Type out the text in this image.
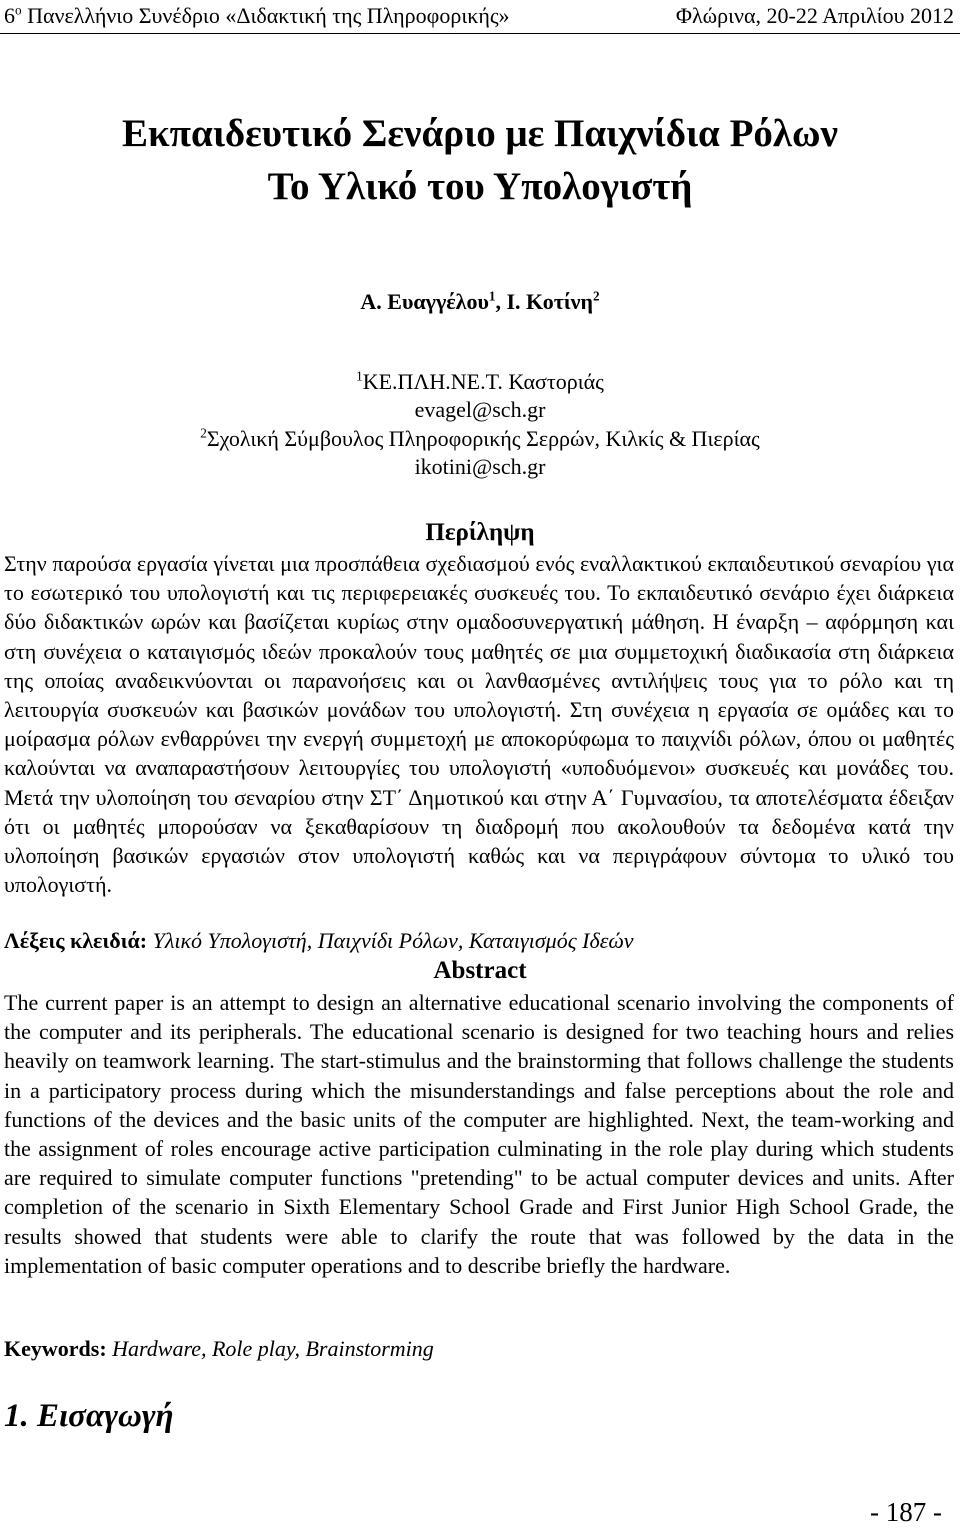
$6^o$ Πανελλήνιο Συνέδριο «Διδακτική της Πληροφορικής»	Φλώρινα, 20-22 Απριλίου 2012
Εκπαιδευτικό Σενάριο με Παιχνίδια Ρόλων
Το Υλικό του Υπολογιστή
Α. Ευαγγέλου$^1$, Ι. Κοτίνη$^2$
$^1$ΚΕ.ΠΛΗ.ΝΕ.Τ. Καστοριάς
evagel@sch.gr
$^2$Σχολική Σύμβουλος Πληροφορικής Σερρών, Κιλκίς & Πιερίας
ikotini@sch.gr
Περίληψη

Στην παρούσα εργασία γίνεται μια προσπάθεια σχεδιασμού ενός εναλλακτικού εκπαιδευτικού σεναρίου για το εσωτερικό του υπολογιστή και τις περιφερειακές συσκευές του. Το εκπαιδευτικό σενάριο έχει διάρκεια δύο διδακτικών ωρών και βασίζεται κυρίως στην ομαδοσυνεργατική μάθηση. Η έναρξη – αφόρμηση και στη συνέχεια ο καταιγισμός ιδεών προκαλούν τους μαθητές σε μια συμμετοχική διαδικασία στη διάρκεια της οποίας αναδεικνύονται οι παρανοήσεις και οι λανθασμένες αντιλήψεις τους για το ρόλο και τη λειτουργία συσκευών και βασικών μονάδων του υπολογιστή. Στη συνέχεια η εργασία σε ομάδες και το μοίρασμα ρόλων ενθαρρύνει την ενεργή συμμετοχή με αποκορύφωμα το παιχνίδι ρόλων, όπου οι μαθητές καλούνται να αναπαραστήσουν λειτουργίες του υπολογιστή «υποδυόμενοι» συσκευές και μονάδες του. Μετά την υλοποίηση του σεναρίου στην ΣΤ΄ Δημοτικού και στην Α΄ Γυμνασίου, τα αποτελέσματα έδειξαν ότι οι μαθητές μπορούσαν να ξεκαθαρίσουν τη διαδρομή που ακολουθούν τα δεδομένα κατά την υλοποίηση βασικών εργασιών στον υπολογιστή καθώς και να περιγράφουν σύντομα το υλικό του υπολογιστή.

Λέξεις κλειδιά: Υλικό Υπολογιστή, Παιχνίδι Ρόλων, Καταιγισμός Ιδεών
Abstract

The current paper is an attempt to design an alternative educational scenario involving the components of the computer and its peripherals. The educational scenario is designed for two teaching hours and relies heavily on teamwork learning. The start-stimulus and the brainstorming that follows challenge the students in a participatory process during which the misunderstandings and false perceptions about the role and functions of the devices and the basic units of the computer are highlighted. Next, the team-working and the assignment of roles encourage active participation culminating in the role play during which students are required to simulate computer functions "pretending" to be actual computer devices and units. After completion of the scenario in Sixth Elementary School Grade and First Junior High School Grade, the results showed that students were able to clarify the route that was followed by the data in the implementation of basic computer operations and to describe briefly the hardware.

Keywords: Hardware, Role play, Brainstorming
1. Εισαγωγή
- 187 -
